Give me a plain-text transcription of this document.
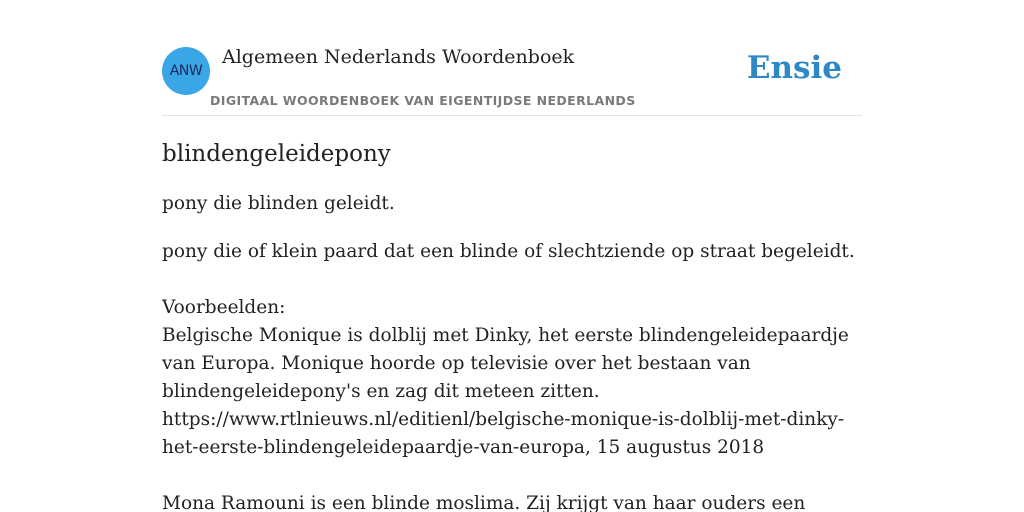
ANW
Algemeen Nederlands Woordenboek
DIGITAAL WOORDENBOEK VAN EIGENTIJDSE NEDERLANDS
Ensie
blindengeleidepony

pony die blinden geleidt.

pony die of klein paard dat een blinde of slechtziende op straat begeleidt.

Voorbeelden:

Belgische Monique is dolblij met Dinky, het eerste blindengeleidepaardje van Europa. Monique hoorde op televisie over het bestaan van blindengeleidepony's en zag dit meteen zitten.

https://www.rtlnieuws.nl/editienl/belgische-monique-is-dolblij-met-dinky-het-eerste-blindengeleidepaardje-van-europa, 15 augustus 2018

Mona Ramouni is een blinde moslima. Zij krijgt van haar ouders een
